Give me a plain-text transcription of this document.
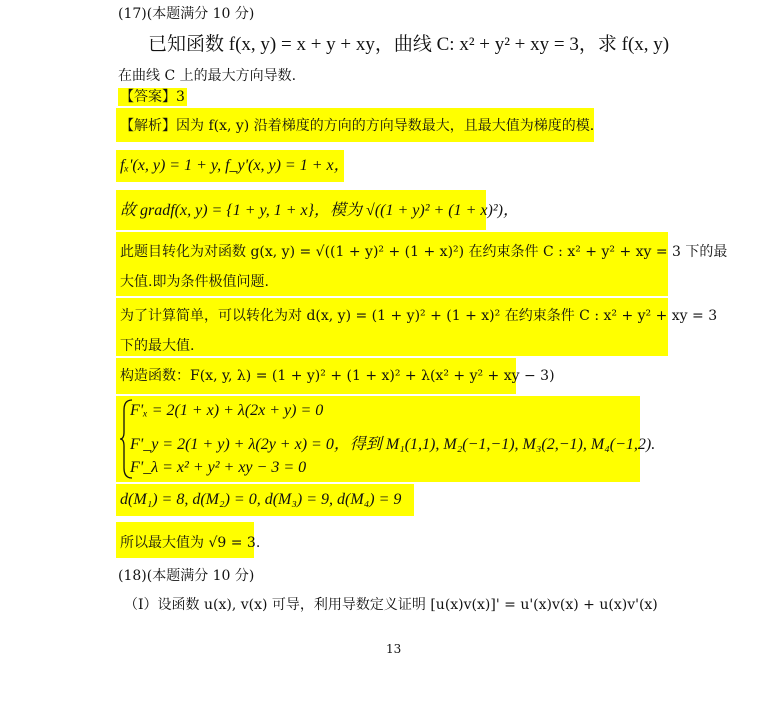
(17)(本题满分 10 分)
已知函数 f(x, y) = x + y + xy，曲线 C: x² + y² + xy = 3，求 f(x, y)
在曲线 C 上的最大方向导数.
【答案】3
【解析】因为 f(x, y) 沿着梯度的方向的方向导数最大，且最大值为梯度的模.
fₓ'(x, y) = 1 + y, f_y'(x, y) = 1 + x，
故 gradf(x, y) = {1 + y, 1 + x}，模为 √((1 + y)² + (1 + x)²)，
此题目转化为对函数 g(x, y) = √((1 + y)² + (1 + x)²) 在约束条件 C : x² + y² + xy = 3 下的最
大值.即为条件极值问题.
为了计算简单，可以转化为对 d(x, y) = (1 + y)² + (1 + x)² 在约束条件 C : x² + y² + xy = 3
下的最大值.
构造函数：F(x, y, λ) = (1 + y)² + (1 + x)² + λ(x² + y² + xy − 3)
F'ₓ = 2(1 + x) + λ(2x + y) = 0
F'_y = 2(1 + y) + λ(2y + x) = 0，得到 M₁(1,1), M₂(−1,−1), M₃(2,−1), M₄(−1,2).
F'_λ = x² + y² + xy − 3 = 0
d(M₁) = 8, d(M₂) = 0, d(M₃) = 9, d(M₄) = 9
所以最大值为 √9 = 3.
(18)(本题满分 10 分)
（I）设函数 u(x), v(x) 可导，利用导数定义证明 [u(x)v(x)]' = u'(x)v(x) + u(x)v'(x)
13
